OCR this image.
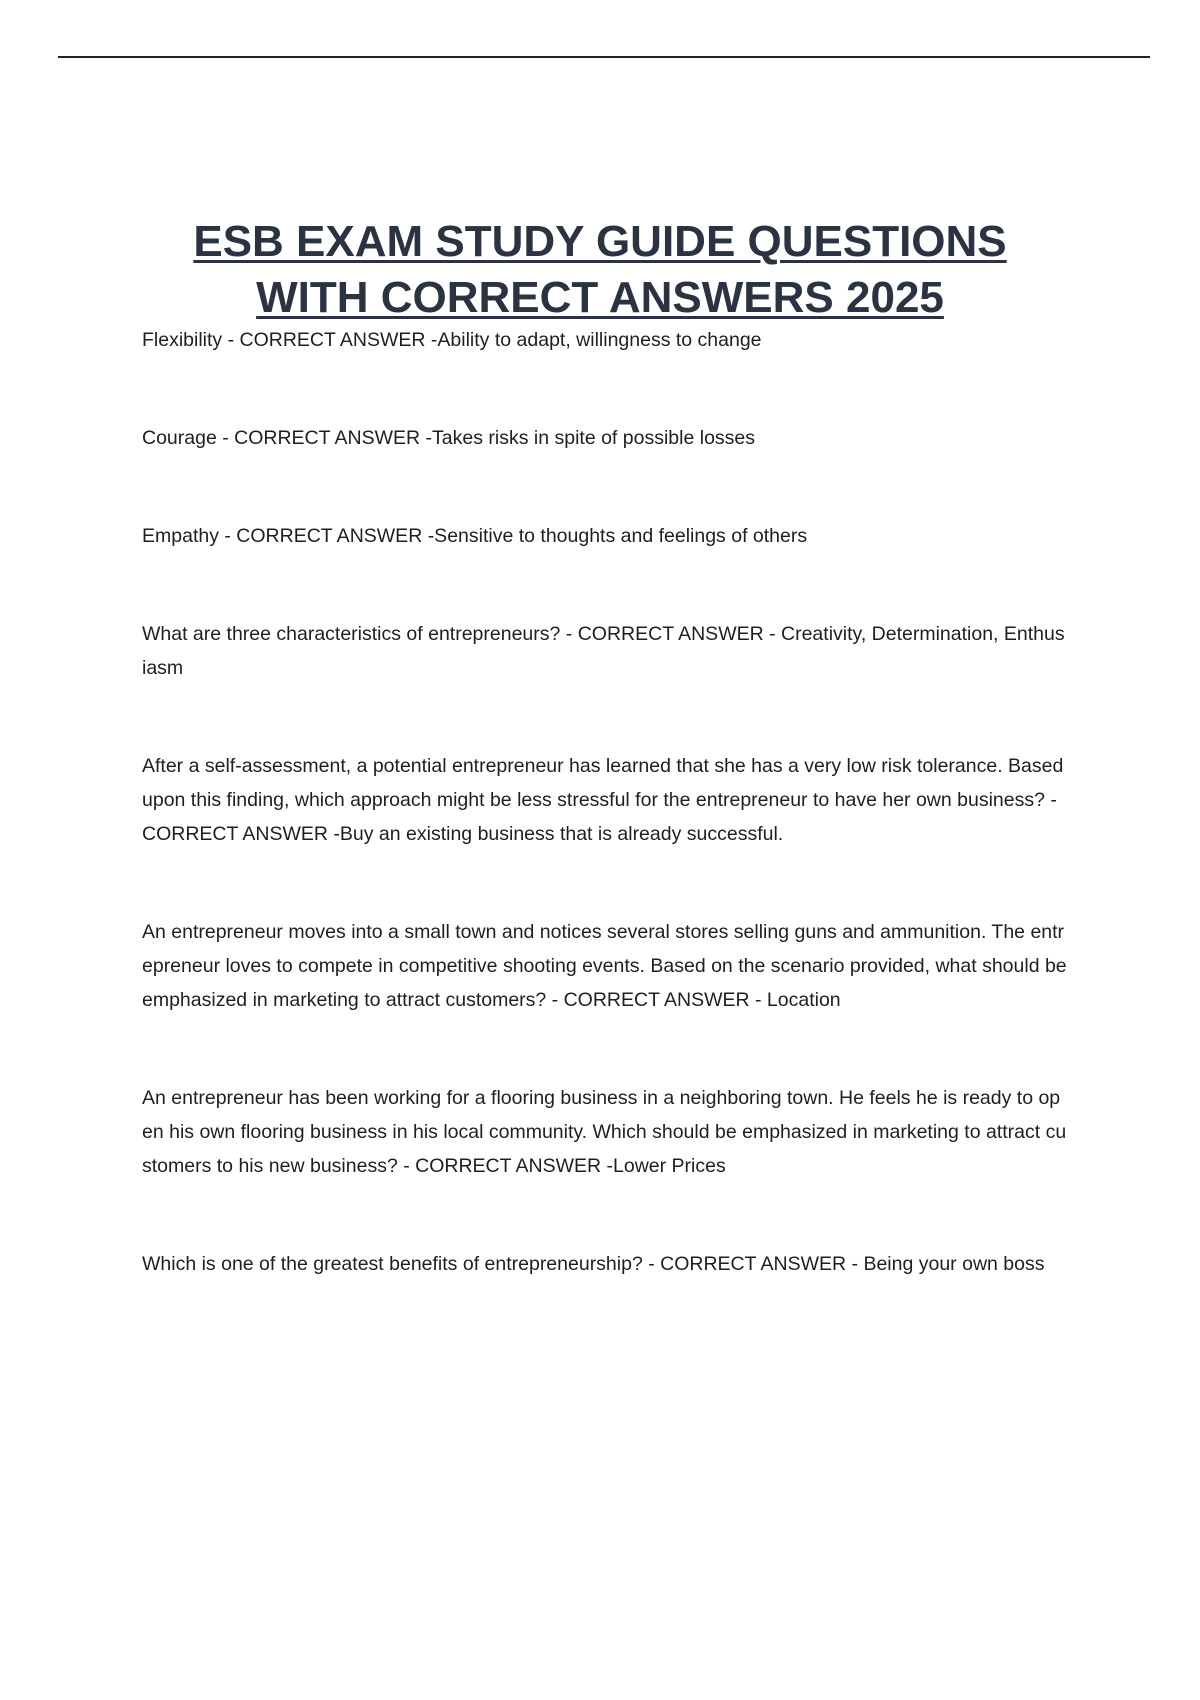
ESB EXAM STUDY GUIDE QUESTIONS
WITH CORRECT ANSWERS 2025
Flexibility - CORRECT ANSWER -Ability to adapt, willingness to change
Courage - CORRECT ANSWER -Takes risks in spite of possible losses
Empathy - CORRECT ANSWER -Sensitive to thoughts and feelings of others
What are three characteristics of entrepreneurs? - CORRECT ANSWER - Creativity, Determination, Enthusiasm
After a self-assessment, a potential entrepreneur has learned that she has a very low risk tolerance. Based upon this finding, which approach might be less stressful for the entrepreneur to have her own business? - CORRECT ANSWER -Buy an existing business that is already successful.
An entrepreneur moves into a small town and notices several stores selling guns and ammunition. The entrepreneur loves to compete in competitive shooting events. Based on the scenario provided, what should be emphasized in marketing to attract customers? - CORRECT ANSWER - Location
An entrepreneur has been working for a flooring business in a neighboring town. He feels he is ready to open his own flooring business in his local community. Which should be emphasized in marketing to attract customers to his new business? - CORRECT ANSWER -Lower Prices
Which is one of the greatest benefits of entrepreneurship? - CORRECT ANSWER - Being your own boss
